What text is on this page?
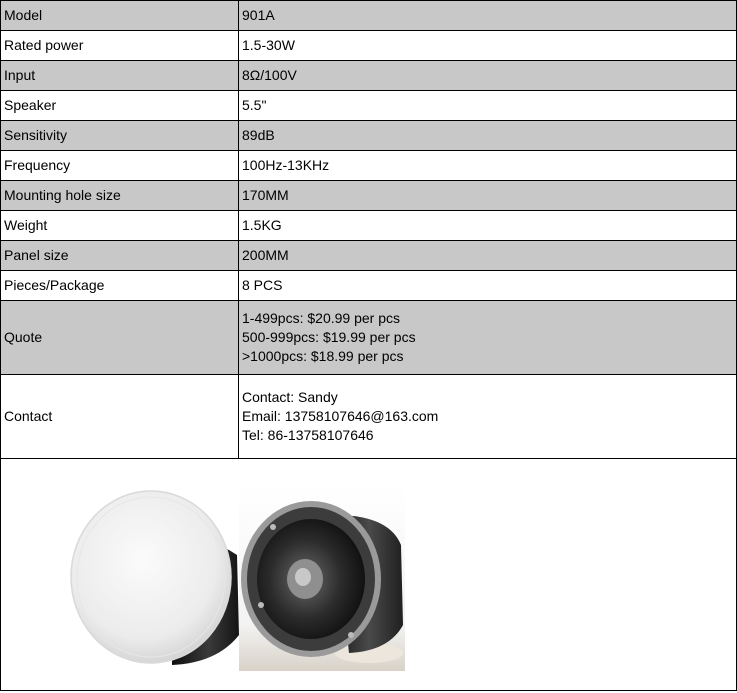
Model	901A
Rated power	1.5-30W
Input	8Ω/100V
Speaker	5.5"
Sensitivity	89dB
Frequency	100Hz-13KHz
Mounting hole size	170MM
Weight	1.5KG
Panel size	200MM
Pieces/Package	8 PCS
Quote	1-499pcs: $20.99 per pcs
500-999pcs: $19.99 per pcs
>1000pcs: $18.99 per pcs

Contact	Contact: Sandy
Email: 13758107646@163.com
Tel: 86-13758107646
